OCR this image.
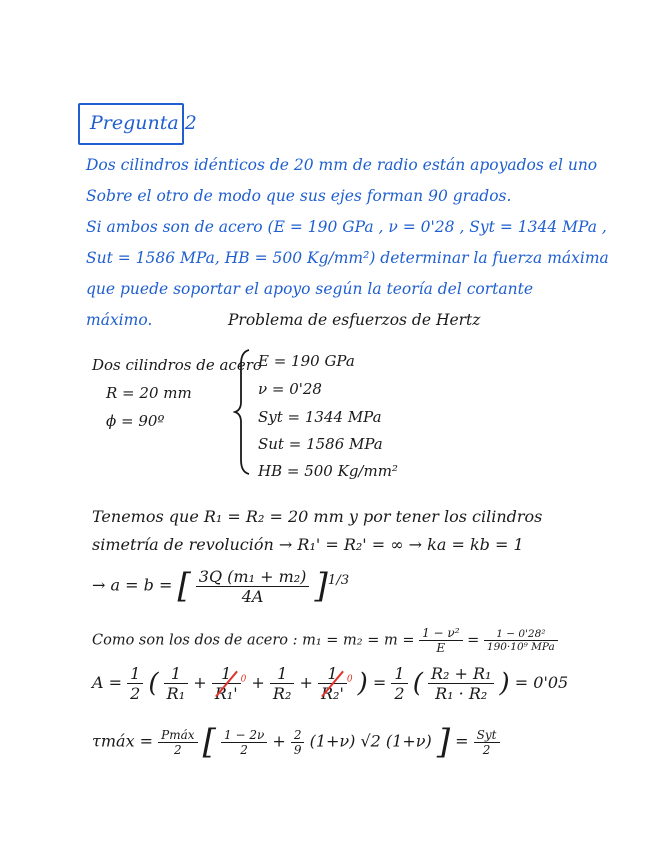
Pregunta 2
Dos cilindros idénticos de 20 mm de radio están apoyados el uno
Sobre el otro de modo que sus ejes forman 90 grados.
Si ambos son de acero (E = 190 GPa , ν = 0'28 , Syt = 1344 MPa ,
Sut = 1586 MPa, HB = 500 Kg/mm²) determinar la fuerza máxima
que puede soportar el apoyo según la teoría del cortante
máximo.	Problema de esfuerzos de Hertz
Dos cilindros de acero
R = 20 mm
ϕ = 90º
E = 190 GPa
ν = 0'28
Syt = 1344 MPa
Sut = 1586 MPa
HB = 500 Kg/mm²
Tenemos que R₁ = R₂ = 20 mm y por tener los cilindros
simetría de revolución → R₁' = R₂' = ∞ → ka = kb = 1
→ a = b = [ $\frac{\text{3Q (m₁ + m₂)}}{4A} ]^{1/3}$
Como son los dos de acero : $m_1 = m_2 = m = \frac{\text{1 − ν²}}{E} = \frac{\text{1 − 0'28²}}{\text{190·10⁹ MPa}}$
$A = \frac{1}{2}$ ( $\frac{1}{\text{R₁}} + \frac{1}{\text{R₁'}} ^0 + \frac{1}{\text{R₂}} + \frac{1}{\text{R₂'}} ^0$ ) = $\frac{1}{2}$ ( $\frac{\text{R₂ + R₁}}{\text{R₁ · R₂}}$ ) = 0'05
τmáx = $\frac{\text{Pmáx}}{2}$ [ $\frac{1 - 2\nu}{2} + \frac{2}{9} (1+\nu)$ √2 (1+ν) ] = $\frac{\text{Syt}}{2}$
